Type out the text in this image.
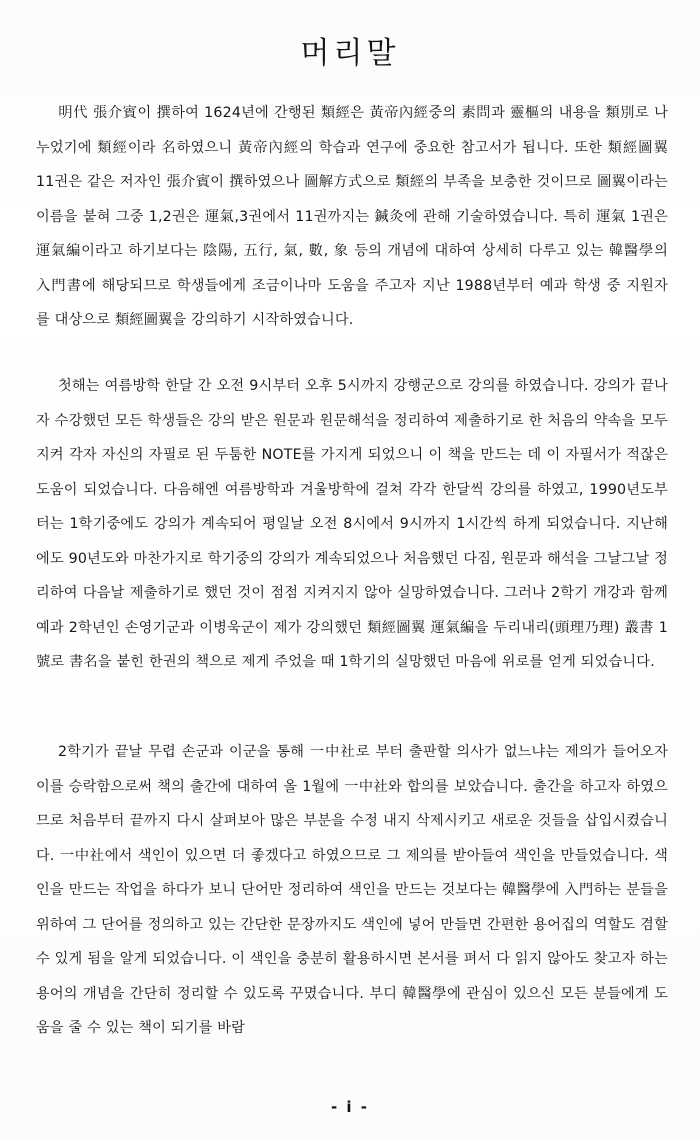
머리말

明代 張介賓이 撰하여 1624년에 간행된 類經은 黃帝內經중의 素問과 靈樞의 내용을 類別로 나누었기에 類經이라 名하였으니 黃帝內經의 학습과 연구에 중요한 참고서가 됩니다. 또한 類經圖翼 11권은 같은 저자인 張介賓이 撰하였으나 圖解方式으로 類經의 부족을 보충한 것이므로 圖翼이라는 이름을 붙혀 그중 1,2권은 運氣,3권에서 11권까지는 鍼灸에 관해 기술하였습니다. 특히 運氣 1권은 運氣編이라고 하기보다는 陰陽, 五行, 氣, 數, 象 등의 개념에 대하여 상세히 다루고 있는 韓醫學의 入門書에 해당되므로 학생들에게 조금이나마 도움을 주고자 지난 1988년부터 예과 학생 중 지원자를 대상으로 類經圖翼을 강의하기 시작하였습니다.

첫해는 여름방학 한달 간 오전 9시부터 오후 5시까지 강행군으로 강의를 하였습니다. 강의가 끝나자 수강했던 모든 학생들은 강의 받은 원문과 원문해석을 정리하여 제출하기로 한 처음의 약속을 모두 지켜 각자 자신의 자필로 된 두툼한 NOTE를 가지게 되었으니 이 책을 만드는 데 이 자필서가 적잖은 도움이 되었습니다. 다음해엔 여름방학과 겨울방학에 걸쳐 각각 한달씩 강의를 하였고, 1990년도부터는 1학기중에도 강의가 계속되어 평일날 오전 8시에서 9시까지 1시간씩 하게 되었습니다. 지난해에도 90년도와 마찬가지로 학기중의 강의가 계속되었으나 처음했던 다짐, 원문과 해석을 그날그날 정리하여 다음날 제출하기로 했던 것이 점점 지켜지지 않아 실망하였습니다. 그러나 2학기 개강과 함께 예과 2학년인 손영기군과 이병욱군이 제가 강의했던 類經圖翼 運氣編을 두리내리(頭理乃理) 叢書 1號로 書名을 붙힌 한권의 책으로 제게 주었을 때 1학기의 실망했던 마음에 위로를 얻게 되었습니다.

2학기가 끝날 무렵 손군과 이군을 통해 一中社로 부터 출판할 의사가 없느냐는 제의가 들어오자 이를 승락함으로써 책의 출간에 대하여 올 1월에 一中社와 합의를 보았습니다. 출간을 하고자 하였으므로 처음부터 끝까지 다시 살펴보아 많은 부분을 수정 내지 삭제시키고 새로운 것들을 삽입시켰습니다. 一中社에서 색인이 있으면 더 좋겠다고 하였으므로 그 제의를 받아들여 색인을 만들었습니다. 색인을 만드는 작업을 하다가 보니 단어만 정리하여 색인을 만드는 것보다는 韓醫學에 入門하는 분들을 위하여 그 단어를 정의하고 있는 간단한 문장까지도 색인에 넣어 만들면 간편한 용어집의 역할도 겸할 수 있게 됨을 알게 되었습니다. 이 색인을 충분히 활용하시면 본서를 펴서 다 읽지 않아도 찾고자 하는 용어의 개념을 간단히 정리할 수 있도록 꾸몄습니다. 부디 韓醫學에 관심이 있으신 모든 분들에게 도움을 줄 수 있는 책이 되기를 바람

- i -
